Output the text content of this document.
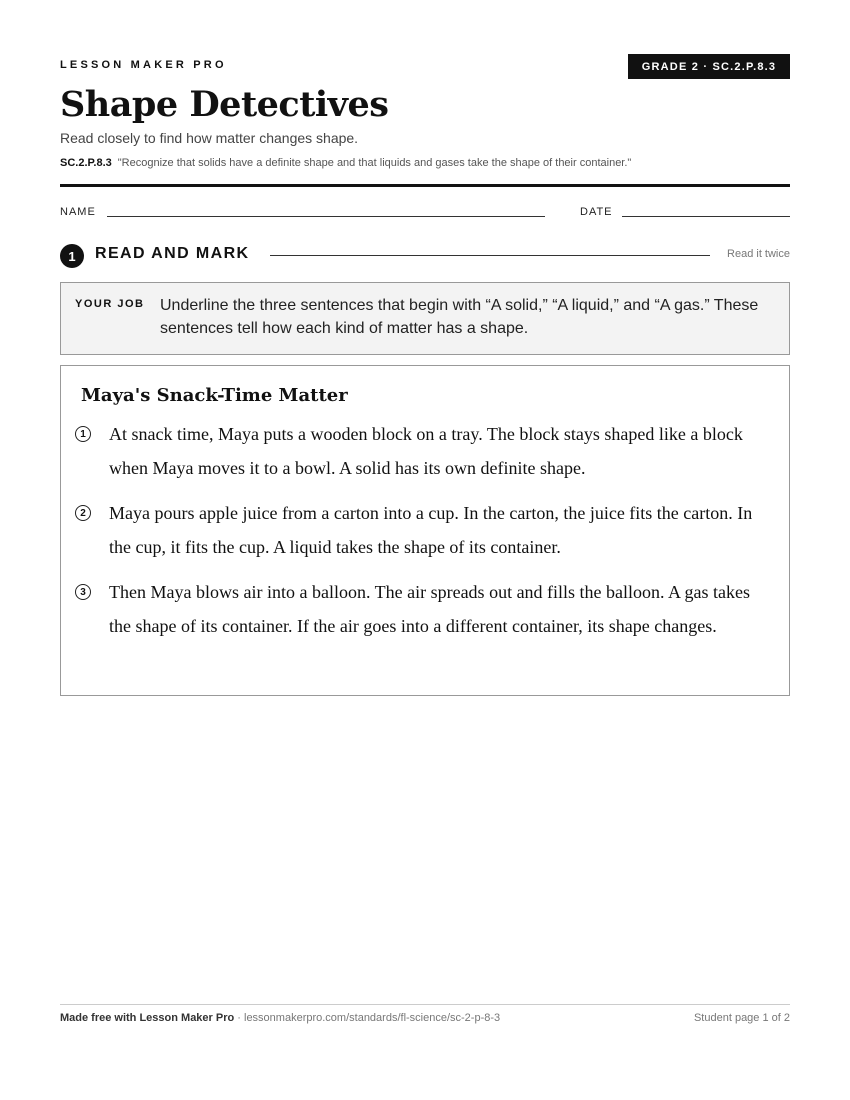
LESSON MAKER PRO	GRADE 2 · SC.2.P.8.3
Shape Detectives
Read closely to find how matter changes shape.
SC.2.P.8.3 "Recognize that solids have a definite shape and that liquids and gases take the shape of their container."
NAME	DATE
1	READ AND MARK	Read it twice
YOUR JOB Underline the three sentences that begin with “A solid,” “A liquid,” and “A gas.” These sentences tell how each kind of matter has a shape.
Maya's Snack-Time Matter
1 At snack time, Maya puts a wooden block on a tray. The block stays shaped like a block when Maya moves it to a bowl. A solid has its own definite shape.

2 Maya pours apple juice from a carton into a cup. In the carton, the juice fits the carton. In the cup, it fits the cup. A liquid takes the shape of its container.

3 Then Maya blows air into a balloon. The air spreads out and fills the balloon. A gas takes the shape of its container. If the air goes into a different container, its shape changes.

Made free with Lesson Maker Pro · lessonmakerpro.com/standards/fl-science/sc-2-p-8-3	Student page 1 of 2
